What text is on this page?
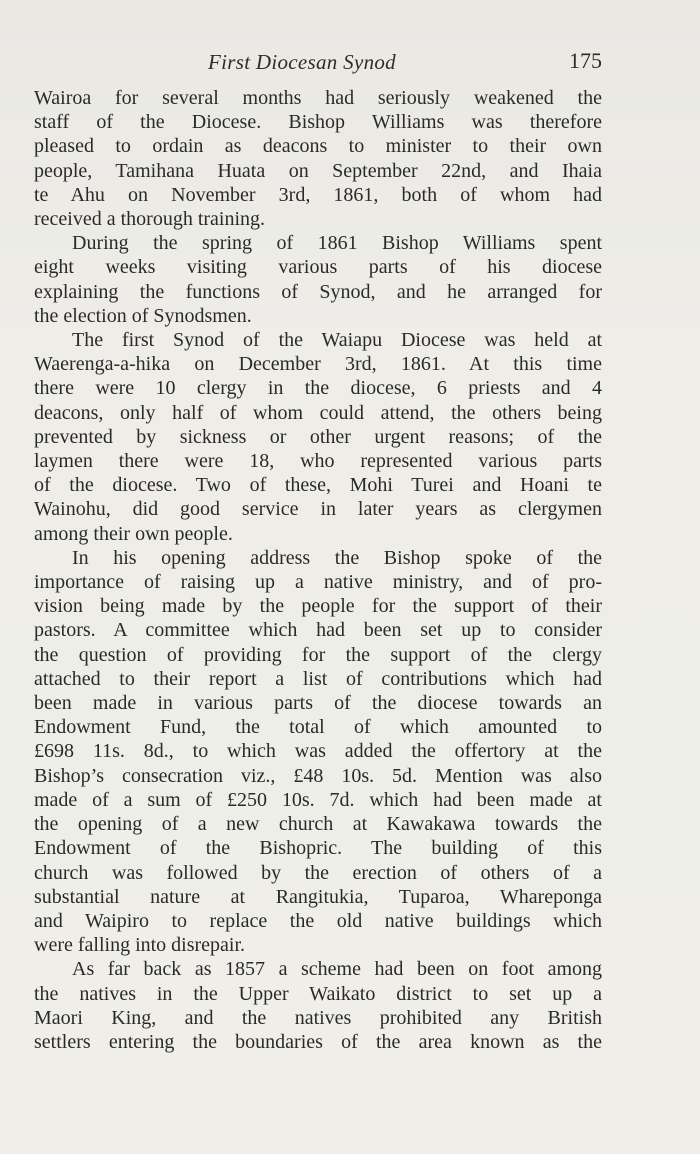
First Diocesan Synod	175

Wairoa for several months had seriously weakened the
staff of the Diocese. Bishop Williams was therefore
pleased to ordain as deacons to minister to their own
people, Tamihana Huata on September 22nd, and Ihaia
te Ahu on November 3rd, 1861, both of whom had
received a thorough training.

During the spring of 1861 Bishop Williams spent
eight weeks visiting various parts of his diocese
explaining the functions of Synod, and he arranged for
the election of Synodsmen.

The first Synod of the Waiapu Diocese was held at
Waerenga-a-hika on December 3rd, 1861. At this time
there were 10 clergy in the diocese, 6 priests and 4
deacons, only half of whom could attend, the others being
prevented by sickness or other urgent reasons; of the
laymen there were 18, who represented various parts
of the diocese. Two of these, Mohi Turei and Hoani te
Wainohu, did good service in later years as clergymen
among their own people.

In his opening address the Bishop spoke of the
importance of raising up a native ministry, and of pro-
vision being made by the people for the support of their
pastors. A committee which had been set up to consider
the question of providing for the support of the clergy
attached to their report a list of contributions which had
been made in various parts of the diocese towards an
Endowment Fund, the total of which amounted to
£698 11s. 8d., to which was added the offertory at the
Bishop’s consecration viz., £48 10s. 5d. Mention was also
made of a sum of £250 10s. 7d. which had been made at
the opening of a new church at Kawakawa towards the
Endowment of the Bishopric. The building of this
church was followed by the erection of others of a
substantial nature at Rangitukia, Tuparoa, Whareponga
and Waipiro to replace the old native buildings which
were falling into disrepair.

As far back as 1857 a scheme had been on foot among
the natives in the Upper Waikato district to set up a
Maori King, and the natives prohibited any British
settlers entering the boundaries of the area known as the
